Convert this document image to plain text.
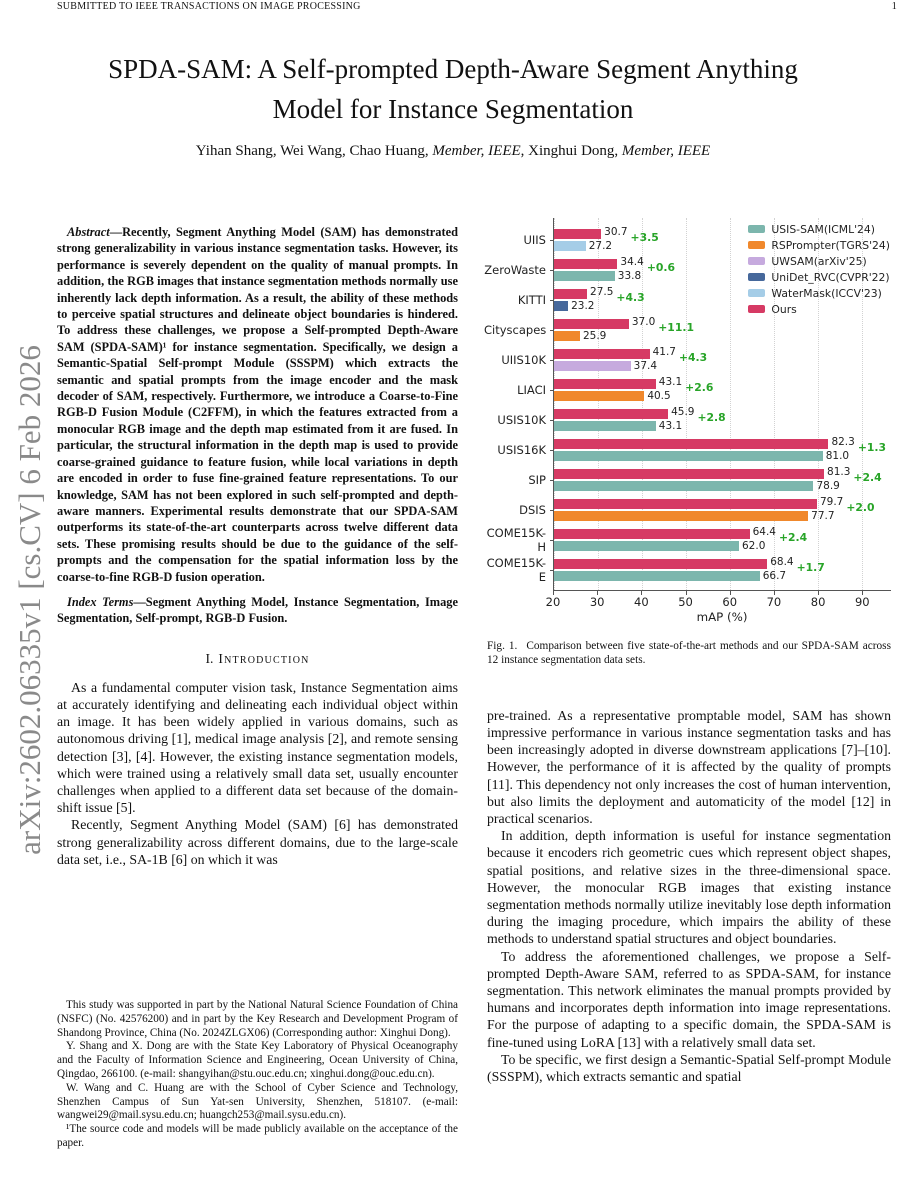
SUBMITTED TO IEEE TRANSACTIONS ON IMAGE PROCESSING	1
arXiv:2602.06335v1 [cs.CV] 6 Feb 2026
SPDA-SAM: A Self-prompted Depth-Aware Segment Anything
Model for Instance Segmentation
Yihan Shang, Wei Wang, Chao Huang, Member, IEEE, Xinghui Dong, Member, IEEE

Abstract—Recently, Segment Anything Model (SAM) has demonstrated strong generalizability in various instance segmentation tasks. However, its performance is severely dependent on the quality of manual prompts. In addition, the RGB images that instance segmentation methods normally use inherently lack depth information. As a result, the ability of these methods to perceive spatial structures and delineate object boundaries is hindered. To address these challenges, we propose a Self-prompted Depth-Aware SAM (SPDA-SAM)¹ for instance segmentation. Specifically, we design a Semantic-Spatial Self-prompt Module (SSSPM) which extracts the semantic and spatial prompts from the image encoder and the mask decoder of SAM, respectively. Furthermore, we introduce a Coarse-to-Fine RGB-D Fusion Module (C2FFM), in which the features extracted from a monocular RGB image and the depth map estimated from it are fused. In particular, the structural information in the depth map is used to provide coarse-grained guidance to feature fusion, while local variations in depth are encoded in order to fuse fine-grained feature representations. To our knowledge, SAM has not been explored in such self-prompted and depth-aware manners. Experimental results demonstrate that our SPDA-SAM outperforms its state-of-the-art counterparts across twelve different data sets. These promising results should be due to the guidance of the self-prompts and the compensation for the spatial information loss by the coarse-to-fine RGB-D fusion operation.

Index Terms—Segment Anything Model, Instance Segmentation, Image Segmentation, Self-prompt, RGB-D Fusion.

I. Introduction

As a fundamental computer vision task, Instance Segmentation aims at accurately identifying and delineating each individual object within an image. It has been widely applied in various domains, such as autonomous driving [1], medical image analysis [2], and remote sensing detection [3], [4]. However, the existing instance segmentation models, which were trained using a relatively small data set, usually encounter challenges when applied to a different data set because of the domain-shift issue [5].

Recently, Segment Anything Model (SAM) [6] has demonstrated strong generalizability across different domains, due to the large-scale data set, i.e., SA-1B [6] on which it was

This study was supported in part by the National Natural Science Foundation of China (NSFC) (No. 42576200) and in part by the Key Research and Development Program of Shandong Province, China (No. 2024ZLGX06) (Corresponding author: Xinghui Dong).

Y. Shang and X. Dong are with the State Key Laboratory of Physical Oceanography and the Faculty of Information Science and Engineering, Ocean University of China, Qingdao, 266100. (e-mail: shangyihan@stu.ouc.edu.cn; xinghui.dong@ouc.edu.cn).

W. Wang and C. Huang are with the School of Cyber Science and Technology, Shenzhen Campus of Sun Yat-sen University, Shenzhen, 518107. (e-mail: wangwei29@mail.sysu.edu.cn; huangch253@mail.sysu.edu.cn).

¹The source code and models will be made publicly available on the acceptance of the paper.

UIIS
30.7 +3.5
27.2
ZeroWaste
34.4 +0.6
33.8
KITTI
27.5 +4.3
23.2
Cityscapes
37.0 +11.1
25.9
UIIS10K
41.7 +4.3
37.4
LIACI
43.1 +2.6
40.5
USIS10K
45.9 +2.8
43.1
USIS16K
82.3 +1.3
81.0
SIP
81.3 +2.4
78.9
DSIS
79.7 +2.0
77.7
COME15K-H
64.4 +2.4
62.0
COME15K-E
68.4 +1.7
66.7
USIS-SAM(ICML'24)
RSPrompter(TGRS'24)
UWSAM(arXiv'25)
UniDet_RVC(CVPR'22)
WaterMask(ICCV'23)
Ours
20	30	40	50	60	70	80	90
mAP (%)
Fig. 1. Comparison between five state-of-the-art methods and our SPDA-SAM across 12 instance segmentation data sets.

pre-trained. As a representative promptable model, SAM has shown impressive performance in various instance segmentation tasks and has been increasingly adopted in diverse downstream applications [7]–[10]. However, the performance of it is affected by the quality of prompts [11]. This dependency not only increases the cost of human intervention, but also limits the deployment and automaticity of the model [12] in practical scenarios.

In addition, depth information is useful for instance segmentation because it encoders rich geometric cues which represent object shapes, spatial positions, and relative sizes in the three-dimensional space. However, the monocular RGB images that existing instance segmentation methods normally utilize inevitably lose depth information during the imaging procedure, which impairs the ability of these methods to understand spatial structures and object boundaries.

To address the aforementioned challenges, we propose a Self-prompted Depth-Aware SAM, referred to as SPDA-SAM, for instance segmentation. This network eliminates the manual prompts provided by humans and incorporates depth information into image representations. For the purpose of adapting to a specific domain, the SPDA-SAM is fine-tuned using LoRA [13] with a relatively small data set.

To be specific, we first design a Semantic-Spatial Self-prompt Module (SSSPM), which extracts semantic and spatial
